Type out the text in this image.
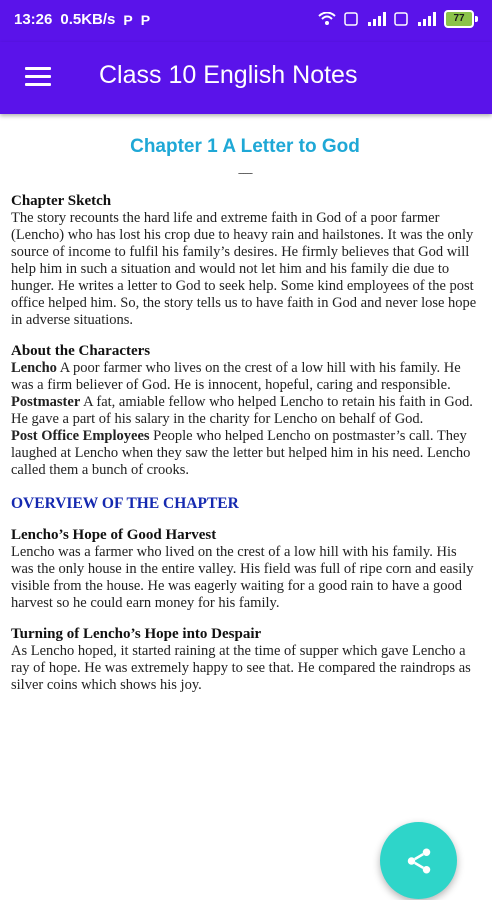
13:26 0.5KB/s P P	77
Class 10 English Notes
Chapter 1 A Letter to God
------
Chapter Sketch

The story recounts the hard life and extreme faith in God of a poor farmer (Lencho) who has lost his crop due to heavy rain and hailstones. It was the only source of income to fulfil his family’s desires. He firmly believes that God will help him in such a situation and would not let him and his family die due to hunger. He writes a letter to God to seek help. Some kind employees of the post office helped him. So, the story tells us to have faith in God and never lose hope in adverse situations.

About the Characters

Lencho A poor farmer who lives on the crest of a low hill with his family. He was a firm believer of God. He is innocent, hopeful, caring and responsible.

Postmaster A fat, amiable fellow who helped Lencho to retain his faith in God. He gave a part of his salary in the charity for Lencho on behalf of God.

Post Office Employees People who helped Lencho on postmaster’s call. They laughed at Lencho when they saw the letter but helped him in his need. Lencho called them a bunch of crooks.

OVERVIEW OF THE CHAPTER
Lencho’s Hope of Good Harvest

Lencho was a farmer who lived on the crest of a low hill with his family. His was the only house in the entire valley. His field was full of ripe corn and easily visible from the house. He was eagerly waiting for a good rain to have a good harvest so he could earn money for his family.

Turning of Lencho’s Hope into Despair

As Lencho hoped, it started raining at the time of supper which gave Lencho a ray of hope. He was extremely happy to see that. He compared the raindrops as silver coins which shows his joy.
